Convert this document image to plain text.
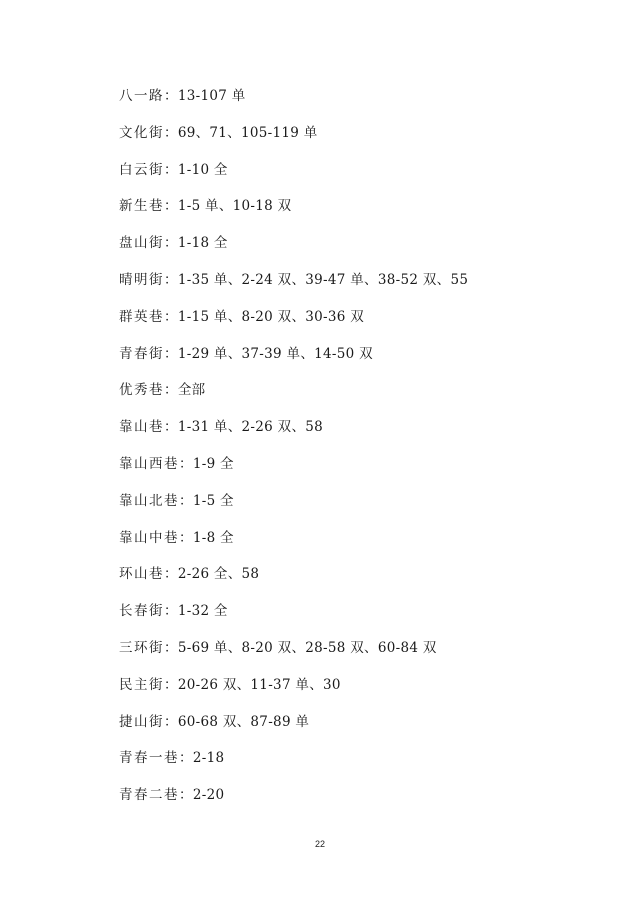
八一路：13-107 单
文化街：69、71、105-119 单
白云街：1-10 全
新生巷：1-5 单、10-18 双
盘山街：1-18 全
晴明街：1-35 单、2-24 双、39-47 单、38-52 双、55
群英巷：1-15 单、8-20 双、30-36 双
青春街：1-29 单、37-39 单、14-50 双
优秀巷：全部
靠山巷：1-31 单、2-26 双、58
靠山西巷：1-9 全
靠山北巷：1-5 全
靠山中巷：1-8 全
环山巷：2-26 全、58
长春街：1-32 全
三环街：5-69 单、8-20 双、28-58 双、60-84 双
民主街：20-26 双、11-37 单、30
捷山街：60-68 双、87-89 单
青春一巷：2-18
青春二巷：2-20
22
